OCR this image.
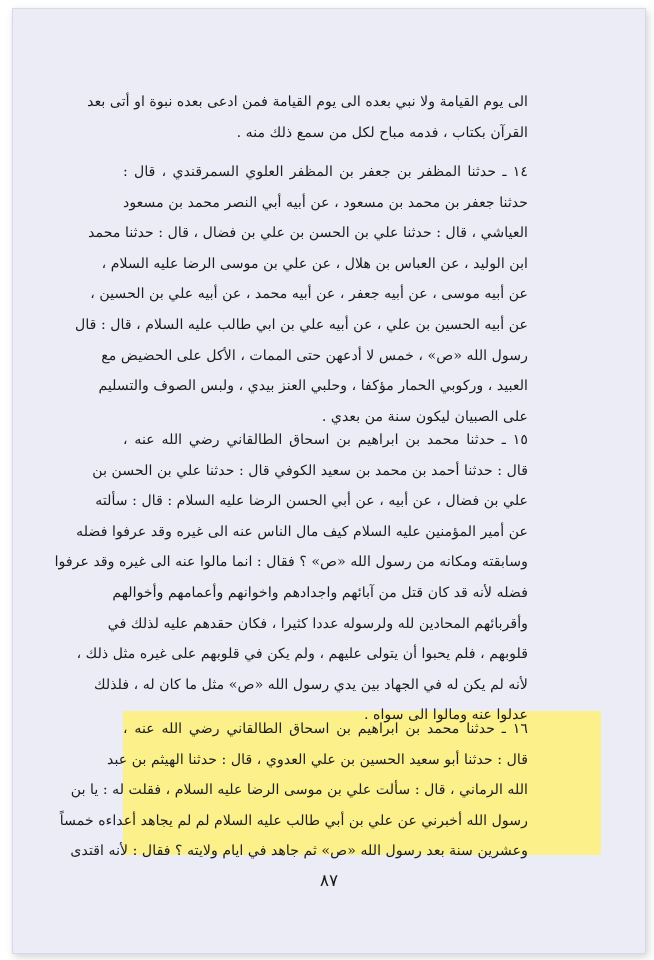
الى يوم القيامة ولا نبي بعده الى يوم القيامة فمن ادعى بعده نبوة او أتى بعد
القرآن بكتاب ، فدمه مباح لكل من سمع ذلك منه .
١٤ ـ حدثنا المظفر بن جعفر بن المظفر العلوي السمرقندي ، قال :
حدثنا جعفر بن محمد بن مسعود ، عن أبيه أبي النصر محمد بن مسعود
العياشي ، قال : حدثنا علي بن الحسن بن علي بن فضال ، قال : حدثنا محمد
ابن الوليد ، عن العباس بن هلال ، عن علي بن موسى الرضا عليه السلام ،
عن أبيه موسى ، عن أبيه جعفر ، عن أبيه محمد ، عن أبيه علي بن الحسين ،
عن أبيه الحسين بن علي ، عن أبيه علي بن ابي طالب عليه السلام ، قال : قال
رسول الله «ص» ، خمس لا أدعهن حتى الممات ، الأكل على الحضيض مع
العبيد ، وركوبي الحمار مؤكفا ، وحلبي العنز بيدي ، ولبس الصوف والتسليم
على الصبيان ليكون سنة من بعدي .
١٥ ـ حدثنا محمد بن ابراهيم بن اسحاق الطالقاني رضي الله عنه ،
قال : حدثنا أحمد بن محمد بن سعيد الكوفي قال : حدثنا علي بن الحسن بن
علي بن فضال ، عن أبيه ، عن أبي الحسن الرضا عليه السلام : قال : سألته
عن أمير المؤمنين عليه السلام كيف مال الناس عنه الى غيره وقد عرفوا فضله
وسابقته ومكانه من رسول الله «ص» ؟ فقال : انما مالوا عنه الى غيره وقد عرفوا
فضله لأنه قد كان قتل من آبائهم واجدادهم واخوانهم وأعمامهم وأخوالهم
وأقربائهم المحادين لله ولرسوله عددا كثيرا ، فكان حقدهم عليه لذلك في
قلوبهم ، فلم يحبوا أن يتولى عليهم ، ولم يكن في قلوبهم على غيره مثل ذلك ،
لأنه لم يكن له في الجهاد بين يدي رسول الله «ص» مثل ما كان له ، فلذلك
عدلوا عنه ومالوا الى سواه .
١٦ ـ حدثنا محمد بن ابراهيم بن اسحاق الطالقاني رضي الله عنه ،
قال : حدثنا أبو سعيد الحسين بن علي العدوي ، قال : حدثنا الهيثم بن عبد
الله الرماني ، قال : سألت علي بن موسى الرضا عليه السلام ، فقلت له : يا بن
رسول الله أخبرني عن علي بن أبي طالب عليه السلام لم لم يجاهد أعداءه خمساً
وعشرين سنة بعد رسول الله «ص» ثم جاهد في ايام ولايته ؟ فقال : لأنه اقتدى
٨٧
